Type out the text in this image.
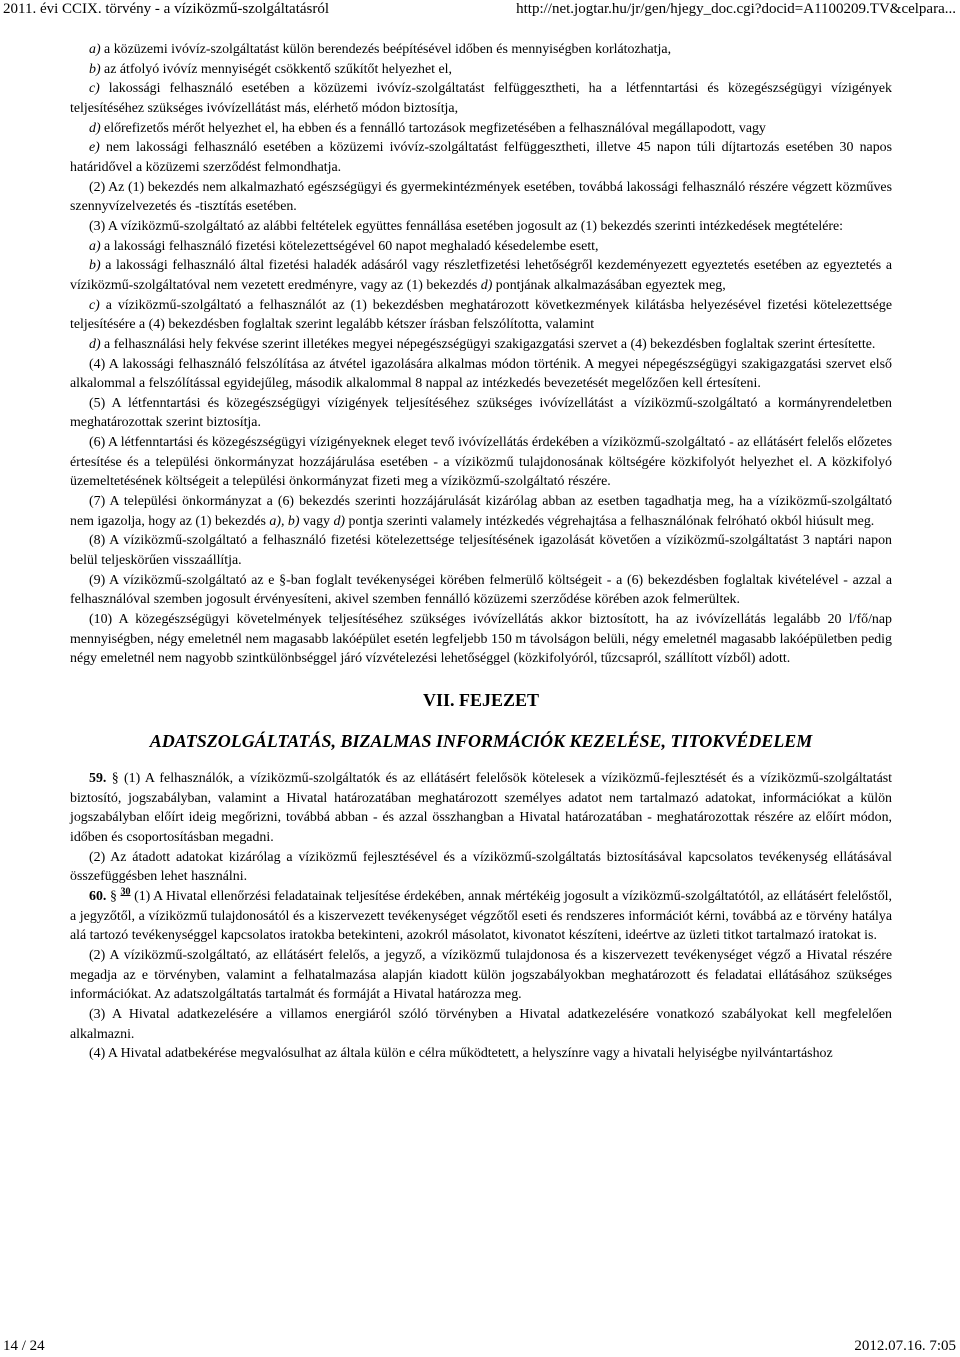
2011. évi CCIX. törvény - a víziközmű-szolgáltatásról	http://net.jogtar.hu/jr/gen/hjegy_doc.cgi?docid=A1100209.TV&celpara...

a) a közüzemi ivóvíz-szolgáltatást külön berendezés beépítésével időben és mennyiségben korlátozhatja,

b) az átfolyó ivóvíz mennyiségét csökkentő szűkítőt helyezhet el,

c) lakossági felhasználó esetében a közüzemi ivóvíz-szolgáltatást felfüggesztheti, ha a létfenntartási és közegészségügyi vízigények teljesítéséhez szükséges ivóvízellátást más, elérhető módon biztosítja,

d) előrefizetős mérőt helyezhet el, ha ebben és a fennálló tartozások megfizetésében a felhasználóval megállapodott, vagy

e) nem lakossági felhasználó esetében a közüzemi ivóvíz-szolgáltatást felfüggesztheti, illetve 45 napon túli díjtartozás esetében 30 napos határidővel a közüzemi szerződést felmondhatja.

(2) Az (1) bekezdés nem alkalmazható egészségügyi és gyermekintézmények esetében, továbbá lakossági felhasználó részére végzett közműves szennyvízelvezetés és -tisztítás esetében.

(3) A víziközmű-szolgáltató az alábbi feltételek együttes fennállása esetében jogosult az (1) bekezdés szerinti intézkedések megtételére:

a) a lakossági felhasználó fizetési kötelezettségével 60 napot meghaladó késedelembe esett,

b) a lakossági felhasználó által fizetési haladék adásáról vagy részletfizetési lehetőségről kezdeményezett egyeztetés esetében az egyeztetés a víziközmű-szolgáltatóval nem vezetett eredményre, vagy az (1) bekezdés d) pontjának alkalmazásában egyeztek meg,

c) a víziközmű-szolgáltató a felhasználót az (1) bekezdésben meghatározott következmények kilátásba helyezésével fizetési kötelezettsége teljesítésére a (4) bekezdésben foglaltak szerint legalább kétszer írásban felszólította, valamint

d) a felhasználási hely fekvése szerint illetékes megyei népegészségügyi szakigazgatási szervet a (4) bekezdésben foglaltak szerint értesítette.

(4) A lakossági felhasználó felszólítása az átvétel igazolására alkalmas módon történik. A megyei népegészségügyi szakigazgatási szervet első alkalommal a felszólítással egyidejűleg, második alkalommal 8 nappal az intézkedés bevezetését megelőzően kell értesíteni.

(5) A létfenntartási és közegészségügyi vízigények teljesítéséhez szükséges ivóvízellátást a víziközmű-szolgáltató a kormányrendeletben meghatározottak szerint biztosítja.

(6) A létfenntartási és közegészségügyi vízigényeknek eleget tevő ivóvízellátás érdekében a víziközmű-szolgáltató - az ellátásért felelős előzetes értesítése és a települési önkormányzat hozzájárulása esetében - a víziközmű tulajdonosának költségére közkifolyót helyezhet el. A közkifolyó üzemeltetésének költségeit a települési önkormányzat fizeti meg a víziközmű-szolgáltató részére.

(7) A települési önkormányzat a (6) bekezdés szerinti hozzájárulását kizárólag abban az esetben tagadhatja meg, ha a víziközmű-szolgáltató nem igazolja, hogy az (1) bekezdés a), b) vagy d) pontja szerinti valamely intézkedés végrehajtása a felhasználónak felróható okból hiúsult meg.

(8) A víziközmű-szolgáltató a felhasználó fizetési kötelezettsége teljesítésének igazolását követően a víziközmű-szolgáltatást 3 naptári napon belül teljeskörűen visszaállítja.

(9) A víziközmű-szolgáltató az e §-ban foglalt tevékenységei körében felmerülő költségeit - a (6) bekezdésben foglaltak kivételével - azzal a felhasználóval szemben jogosult érvényesíteni, akivel szemben fennálló közüzemi szerződése körében azok felmerültek.

(10) A közegészségügyi követelmények teljesítéséhez szükséges ivóvízellátás akkor biztosított, ha az ivóvízellátás legalább 20 l/fő/nap mennyiségben, négy emeletnél nem magasabb lakóépület esetén legfeljebb 150 m távolságon belüli, négy emeletnél magasabb lakóépületben pedig négy emeletnél nem nagyobb szintkülönbséggel járó vízvételezési lehetőséggel (közkifolyóról, tűzcsapról, szállított vízből) adott.

VII. FEJEZET
ADATSZOLGÁLTATÁS, BIZALMAS INFORMÁCIÓK KEZELÉSE, TITOKVÉDELEM

59. § (1) A felhasználók, a víziközmű-szolgáltatók és az ellátásért felelősök kötelesek a víziközmű-fejlesztését és a víziközmű-szolgáltatást biztosító, jogszabályban, valamint a Hivatal határozatában meghatározott személyes adatot nem tartalmazó adatokat, információkat a külön jogszabályban előírt ideig megőrizni, továbbá abban - és azzal összhangban a Hivatal határozatában - meghatározottak részére az előírt módon, időben és csoportosításban megadni.

(2) Az átadott adatokat kizárólag a víziközmű fejlesztésével és a víziközmű-szolgáltatás biztosításával kapcsolatos tevékenység ellátásával összefüggésben lehet használni.

60. § $^{30}$ (1) A Hivatal ellenőrzési feladatainak teljesítése érdekében, annak mértékéig jogosult a víziközmű-szolgáltatótól, az ellátásért felelőstől, a jegyzőtől, a víziközmű tulajdonosától és a kiszervezett tevékenységet végzőtől eseti és rendszeres információt kérni, továbbá az e törvény hatálya alá tartozó tevékenységgel kapcsolatos iratokba betekinteni, azokról másolatot, kivonatot készíteni, ideértve az üzleti titkot tartalmazó iratokat is.

(2) A víziközmű-szolgáltató, az ellátásért felelős, a jegyző, a víziközmű tulajdonosa és a kiszervezett tevékenységet végző a Hivatal részére megadja az e törvényben, valamint a felhatalmazása alapján kiadott külön jogszabályokban meghatározott és feladatai ellátásához szükséges információkat. Az adatszolgáltatás tartalmát és formáját a Hivatal határozza meg.

(3) A Hivatal adatkezelésére a villamos energiáról szóló törvényben a Hivatal adatkezelésére vonatkozó szabályokat kell megfelelően alkalmazni.

(4) A Hivatal adatbekérése megvalósulhat az általa külön e célra működtetett, a helyszínre vagy a hivatali helyiségbe nyilvántartáshoz

14 / 24	2012.07.16. 7:05
